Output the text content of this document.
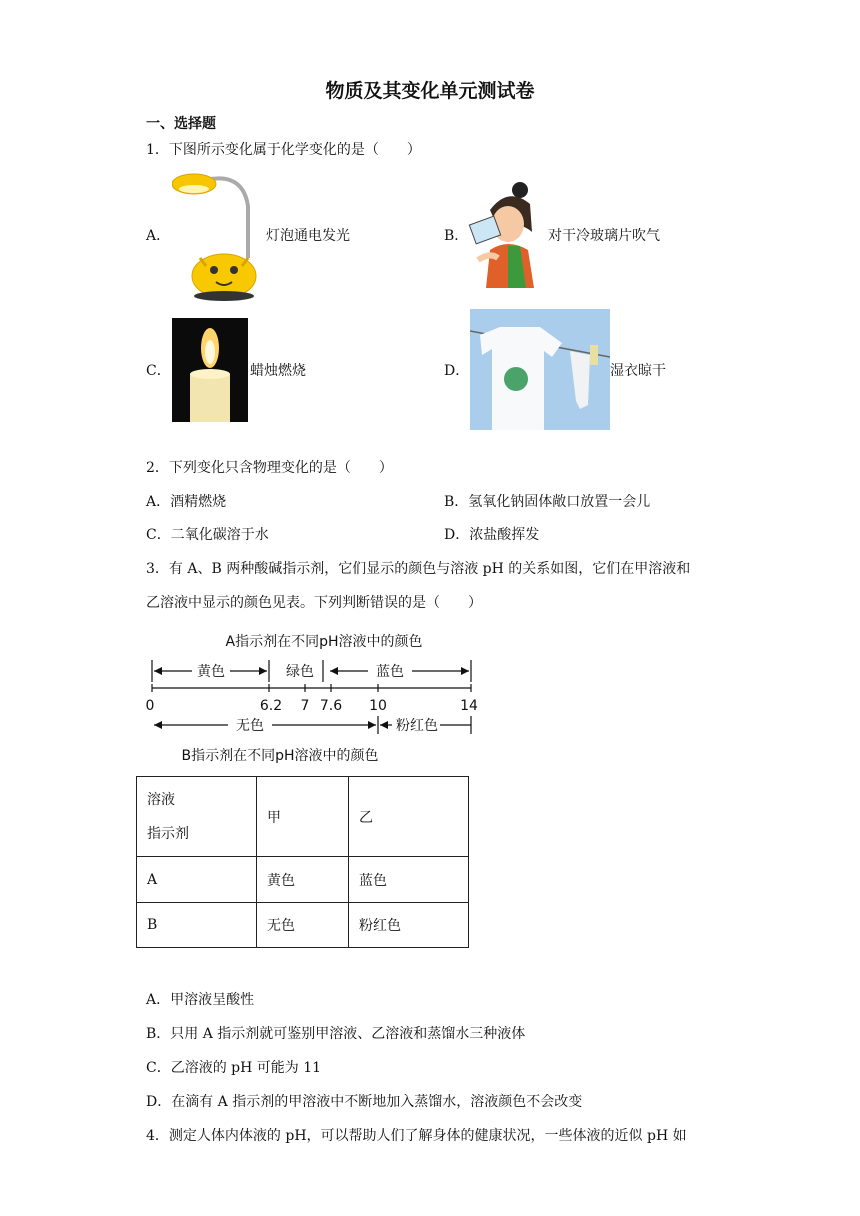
物质及其变化单元测试卷
一、选择题
1．下图所示变化属于化学变化的是（　　）
A．	灯泡通电发光	B．	对干冷玻璃片吹气
C．	蜡烛燃烧	D．	湿衣晾干
2．下列变化只含物理变化的是（　　）
A．酒精燃烧	B．氢氧化钠固体敞口放置一会儿
C．二氧化碳溶于水	D．浓盐酸挥发
3．有 A、B 两种酸碱指示剂，它们显示的颜色与溶液 pH 的关系如图，它们在甲溶液和
乙溶液中显示的颜色见表。下列判断错误的是（　　）
A指示剂在不同pH溶液中的颜色
黄色	绿色	蓝色
0	6.2 7 7.6 10	14
无色	粉红色
B指示剂在不同pH溶液中的颜色
溶液
指示剂	甲	乙
A	黄色	蓝色
B	无色	粉红色
A．甲溶液呈酸性
B．只用 A 指示剂就可鉴别甲溶液、乙溶液和蒸馏水三种液体
C．乙溶液的 pH 可能为 11
D．在滴有 A 指示剂的甲溶液中不断地加入蒸馏水，溶液颜色不会改变
4．测定人体内体液的 pH，可以帮助人们了解身体的健康状况，一些体液的近似 pH 如
